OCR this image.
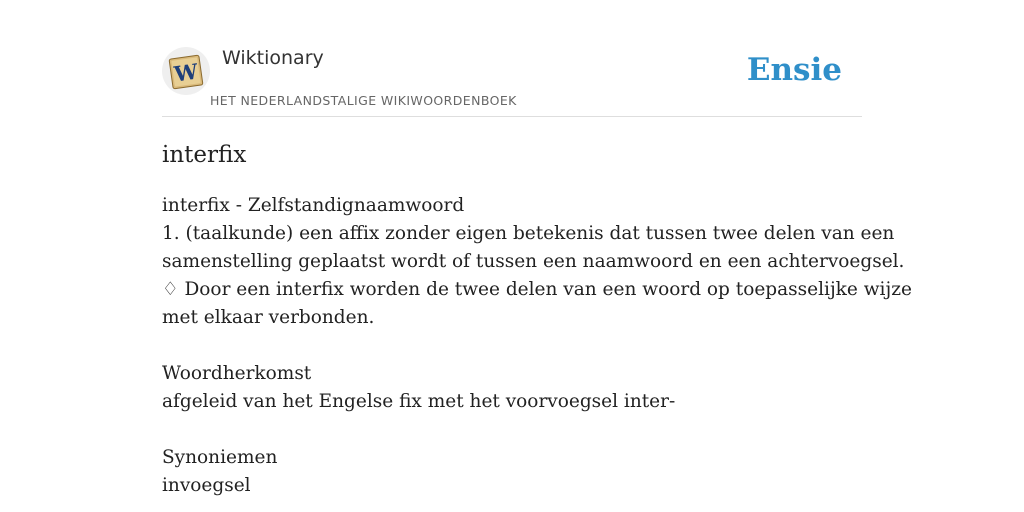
W
Wiktionary
HET NEDERLANDSTALIGE WIKIWOORDENBOEK
Ensie
interfix

interfix - Zelfstandignaamwoord

1. (taalkunde) een affix zonder eigen betekenis dat tussen twee delen van een

samenstelling geplaatst wordt of tussen een naamwoord en een achtervoegsel.

♢ Door een interfix worden de twee delen van een woord op toepasselijke wijze

met elkaar verbonden.

Woordherkomst

afgeleid van het Engelse fix met het voorvoegsel inter-

Synoniemen

invoegsel
